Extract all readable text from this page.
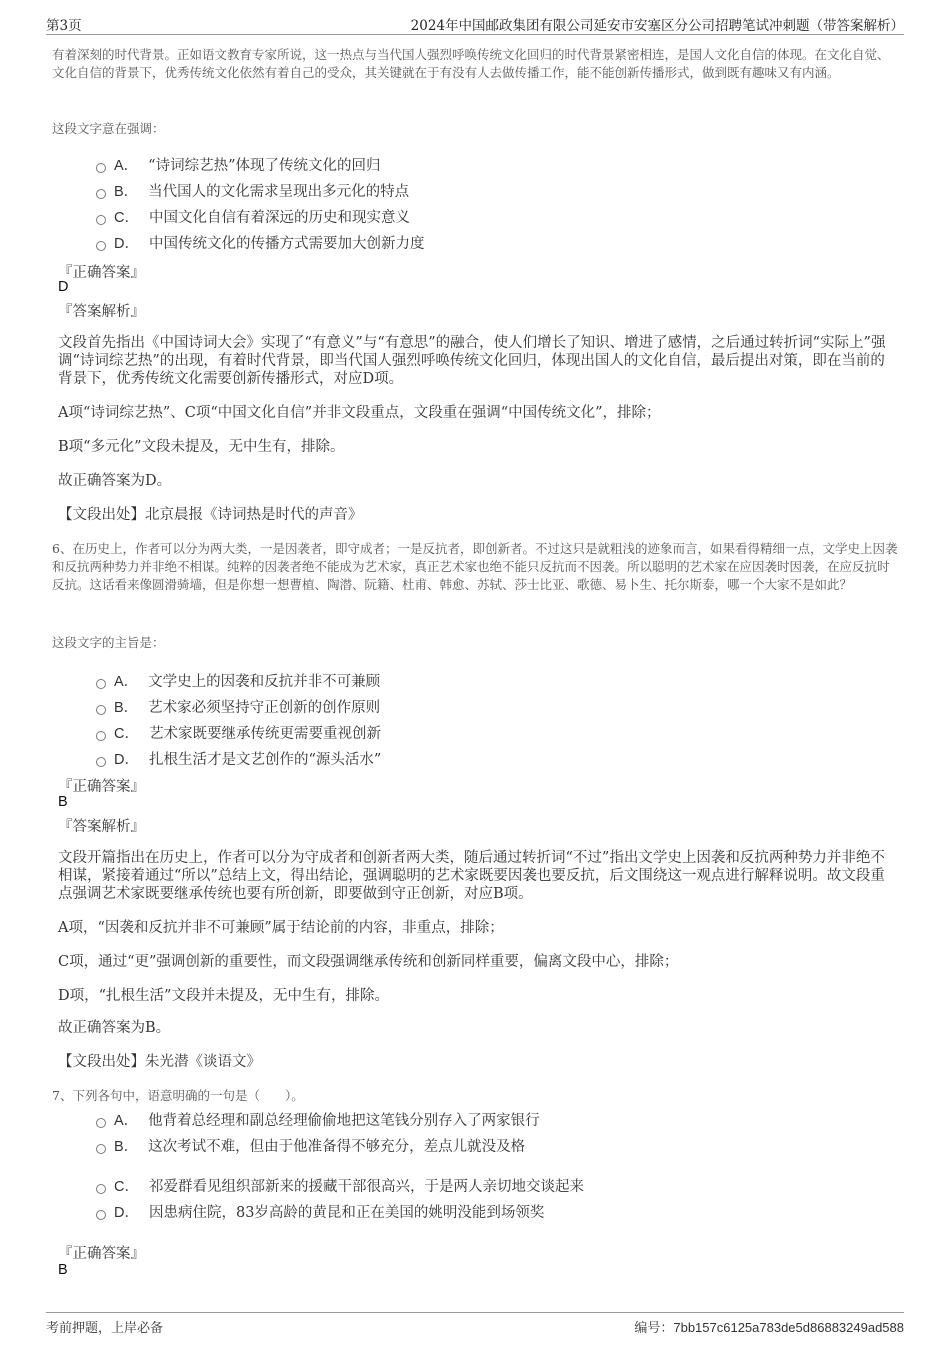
第3页	2024年中国邮政集团有限公司延安市安塞区分公司招聘笔试冲刺题（带答案解析）
有着深刻的时代背景。正如语文教育专家所说，这一热点与当代国人强烈呼唤传统文化回归的时代背景紧密相连，是国人文化自信的体现。在文化自觉、文化自信的背景下，优秀传统文化依然有着自己的受众，其关键就在于有没有人去做传播工作，能不能创新传播形式，做到既有趣味又有内涵。
这段文字意在强调：
A． “诗词综艺热”体现了传统文化的回归
B． 当代国人的文化需求呈现出多元化的特点
C． 中国文化自信有着深远的历史和现实意义
D． 中国传统文化的传播方式需要加大创新力度
『正确答案』
D
『答案解析』
文段首先指出《中国诗词大会》实现了“有意义”与“有意思”的融合，使人们增长了知识、增进了感情，之后通过转折词“实际上”强调“诗词综艺热”的出现，有着时代背景，即当代国人强烈呼唤传统文化回归，体现出国人的文化自信，最后提出对策，即在当前的背景下，优秀传统文化需要创新传播形式，对应D项。
A项“诗词综艺热”、C项“中国文化自信”并非文段重点，文段重在强调“中国传统文化”，排除；
B项“多元化”文段未提及，无中生有，排除。
故正确答案为D。
【文段出处】北京晨报《诗词热是时代的声音》
6、在历史上，作者可以分为两大类，一是因袭者，即守成者；一是反抗者，即创新者。不过这只是就粗浅的迹象而言，如果看得精细一点，文学史上因袭和反抗两种势力并非绝不相谋。纯粹的因袭者绝不能成为艺术家，真正艺术家也绝不能只反抗而不因袭。所以聪明的艺术家在应因袭时因袭，在应反抗时反抗。这话看来像圆滑骑墙，但是你想一想曹植、陶潜、阮籍、杜甫、韩愈、苏轼、莎士比亚、歌德、易卜生、托尔斯泰，哪一个大家不是如此？
这段文字的主旨是：
A． 文学史上的因袭和反抗并非不可兼顾
B． 艺术家必须坚持守正创新的创作原则
C． 艺术家既要继承传统更需要重视创新
D． 扎根生活才是文艺创作的“源头活水”
『正确答案』
B
『答案解析』
文段开篇指出在历史上，作者可以分为守成者和创新者两大类，随后通过转折词“不过”指出文学史上因袭和反抗两种势力并非绝不相谋，紧接着通过“所以”总结上文，得出结论，强调聪明的艺术家既要因袭也要反抗，后文围绕这一观点进行解释说明。故文段重点强调艺术家既要继承传统也要有所创新，即要做到守正创新，对应B项。
A项，“因袭和反抗并非不可兼顾”属于结论前的内容，非重点，排除；
C项，通过“更”强调创新的重要性，而文段强调继承传统和创新同样重要，偏离文段中心，排除；
D项，“扎根生活”文段并未提及，无中生有，排除。
故正确答案为B。
【文段出处】朱光潜《谈语文》
7、下列各句中，语意明确的一句是（　　）。
A． 他背着总经理和副总经理偷偷地把这笔钱分别存入了两家银行
B． 这次考试不难，但由于他准备得不够充分，差点儿就没及格
C． 祁爱群看见组织部新来的援藏干部很高兴，于是两人亲切地交谈起来
D． 因患病住院，83岁高龄的黄昆和正在美国的姚明没能到场领奖
『正确答案』
B
考前押题，上岸必备	编号：7bb157c6125a783de5d86883249ad588
